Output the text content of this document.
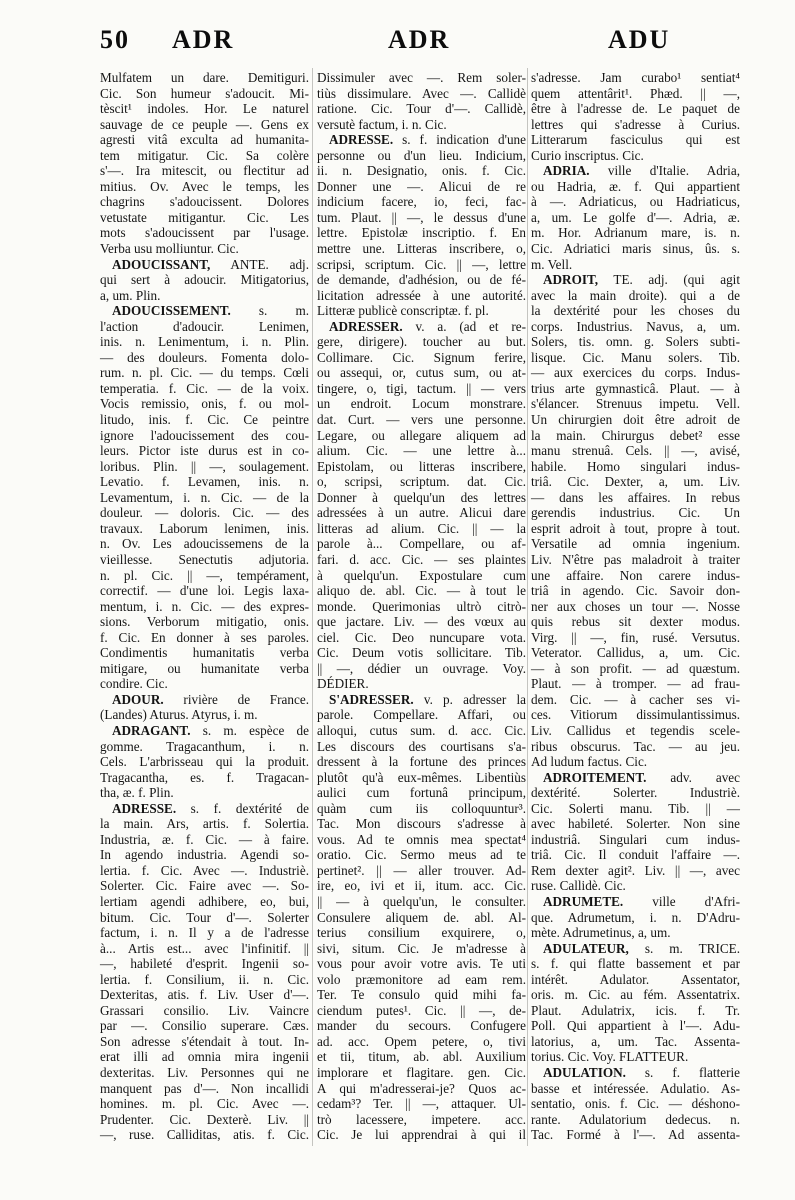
50 ADR	ADR	ADU
Mulfatem un dare. Demitiguri.
Cic. Son humeur s'adoucit. Mi-
tèscit¹ indoles. Hor. Le naturel
sauvage de ce peuple —. Gens ex
agresti vitâ exculta ad humanita-
tem mitigatur. Cic. Sa colère
s'—. Ira mitescit, ou flectitur ad
mitius. Ov. Avec le temps, les
chagrins s'adoucissent. Dolores
vetustate mitigantur. Cic. Les
mots s'adoucissent par l'usage.
Verba usu molliuntur. Cic.
ADOUCISSANT, ANTE. adj.
qui sert à adoucir. Mitigatorius,
a, um. Plin.
ADOUCISSEMENT. s. m.
l'action d'adoucir. Lenimen,
inis. n. Lenimentum, i. n. Plin.
— des douleurs. Fomenta dolo-
rum. n. pl. Cic. — du temps. Cœli
temperatia. f. Cic. — de la voix.
Vocis remissio, onis, f. ou mol-
litudo, inis. f. Cic. Ce peintre
ignore l'adoucissement des cou-
leurs. Pictor iste durus est in co-
loribus. Plin. || —, soulagement.
Levatio. f. Levamen, inis. n.
Levamentum, i. n. Cic. — de la
douleur. — doloris. Cic. — des
travaux. Laborum lenimen, inis.
n. Ov. Les adoucissemens de la
vieillesse. Senectutis adjutoria.
n. pl. Cic. || —, tempérament,
correctif. — d'une loi. Legis laxa-
mentum, i. n. Cic. — des expres-
sions. Verborum mitigatio, onis.
f. Cic. En donner à ses paroles.
Condimentis humanitatis verba
mitigare, ou humanitate verba
condire. Cic.
ADOUR. rivière de France.
(Landes) Aturus. Atyrus, i. m.
ADRAGANT. s. m. espèce de
gomme. Tragacanthum, i. n.
Cels. L'arbrisseau qui la produit.
Tragacantha, es. f. Tragacan-
tha, æ. f. Plin.
ADRESSE. s. f. dextérité de
la main. Ars, artis. f. Solertia.
Industria, æ. f. Cic. — à faire.
In agendo industria. Agendi so-
lertia. f. Cic. Avec —. Industriè.
Solerter. Cic. Faire avec —. So-
lertiam agendi adhibere, eo, bui,
bitum. Cic. Tour d'—. Solerter
factum, i. n. Il y a de l'adresse
à... Artis est... avec l'infinitif. ||
—, habileté d'esprit. Ingenii so-
lertia. f. Consilium, ii. n. Cic.
Dexteritas, atis. f. Liv. User d'—.
Grassari consilio. Liv. Vaincre
par —. Consilio superare. Cæs.
Son adresse s'étendait à tout. In-
erat illi ad omnia mira ingenii
dexteritas. Liv. Personnes qui ne
manquent pas d'—. Non incallidi
homines. m. pl. Cic. Avec —.
Prudenter. Cic. Dexterè. Liv. ||
—, ruse. Calliditas, atis. f. Cic.
Dissimuler avec —. Rem soler-
tiùs dissimulare. Avec —. Callidè
ratione. Cic. Tour d'—. Callidè,
versutè factum, i. n. Cic.
ADRESSE. s. f. indication d'une
personne ou d'un lieu. Indicium,
ii. n. Designatio, onis. f. Cic.
Donner une —. Alicui de re
indicium facere, io, feci, fac-
tum. Plaut. || —, le dessus d'une
lettre. Epistolæ inscriptio. f. En
mettre une. Litteras inscribere, o,
scripsi, scriptum. Cic. || —, lettre
de demande, d'adhésion, ou de fé-
licitation adressée à une autorité.
Litteræ publicè conscriptæ. f. pl.
ADRESSER. v. a. (ad et re-
gere, dirigere). toucher au but.
Collimare. Cic. Signum ferire,
ou assequi, or, cutus sum, ou at-
tingere, o, tigi, tactum. || — vers
un endroit. Locum monstrare.
dat. Curt. — vers une personne.
Legare, ou allegare aliquem ad
alium. Cic. — une lettre à...
Epistolam, ou litteras inscribere,
o, scripsi, scriptum. dat. Cic.
Donner à quelqu'un des lettres
adressées à un autre. Alicui dare
litteras ad alium. Cic. || — la
parole à... Compellare, ou af-
fari. d. acc. Cic. — ses plaintes
à quelqu'un. Expostulare cum
aliquo de. abl. Cic. — à tout le
monde. Querimonias ultrò citrò-
que jactare. Liv. — des vœux au
ciel. Cic. Deo nuncupare vota.
Cic. Deum votis sollicitare. Tib.
|| —, dédier un ouvrage. Voy.
DÉDIER.
S'ADRESSER. v. p. adresser la
parole. Compellare. Affari, ou
alloqui, cutus sum. d. acc. Cic.
Les discours des courtisans s'a-
dressent à la fortune des princes
plutôt qu'à eux-mêmes. Libentiùs
aulici cum fortunâ principum,
quàm cum iis colloquuntur³.
Tac. Mon discours s'adresse à
vous. Ad te omnis mea spectat⁴
oratio. Cic. Sermo meus ad te
pertinet². || — aller trouver. Ad-
ire, eo, ivi et ii, itum. acc. Cic.
|| — à quelqu'un, le consulter.
Consulere aliquem de. abl. Al-
terius consilium exquirere, o,
sivi, situm. Cic. Je m'adresse à
vous pour avoir votre avis. Te uti
volo præmonitore ad eam rem.
Ter. Te consulo quid mihi fa-
ciendum putes¹. Cic. || —, de-
mander du secours. Confugere
ad. acc. Opem petere, o, tivi
et tii, titum, ab. abl. Auxilium
implorare et flagitare. gen. Cic.
A qui m'adresserai-je? Quos ac-
cedam³? Ter. || —, attaquer. Ul-
trò lacessere, impetere. acc.
Cic. Je lui apprendrai à qui il
s'adresse. Jam curabo¹ sentiat⁴
quem attentârit¹. Phæd. || —,
être à l'adresse de. Le paquet de
lettres qui s'adresse à Curius.
Litterarum fasciculus qui est
Curio inscriptus. Cic.
ADRIA. ville d'Italie. Adria,
ou Hadria, æ. f. Qui appartient
à —. Adriaticus, ou Hadriaticus,
a, um. Le golfe d'—. Adria, æ.
m. Hor. Adrianum mare, is. n.
Cic. Adriatici maris sinus, ûs. s.
m. Vell.
ADROIT, TE. adj. (qui agit
avec la main droite). qui a de
la dextérité pour les choses du
corps. Industrius. Navus, a, um.
Solers, tis. omn. g. Solers subti-
lisque. Cic. Manu solers. Tib.
— aux exercices du corps. Indus-
trius arte gymnasticâ. Plaut. — à
s'élancer. Strenuus impetu. Vell.
Un chirurgien doit être adroit de
la main. Chirurgus debet² esse
manu strenuâ. Cels. || —, avisé,
habile. Homo singulari indus-
triâ. Cic. Dexter, a, um. Liv.
— dans les affaires. In rebus
gerendis industrius. Cic. Un
esprit adroit à tout, propre à tout.
Versatile ad omnia ingenium.
Liv. N'être pas maladroit à traiter
une affaire. Non carere indus-
triâ in agendo. Cic. Savoir don-
ner aux choses un tour —. Nosse
quis rebus sit dexter modus.
Virg. || —, fin, rusé. Versutus.
Veterator. Callidus, a, um. Cic.
— à son profit. — ad quæstum.
Plaut. — à tromper. — ad frau-
dem. Cic. — à cacher ses vi-
ces. Vitiorum dissimulantissimus.
Liv. Callidus et tegendis scele-
ribus obscurus. Tac. — au jeu.
Ad ludum factus. Cic.
ADROITEMENT. adv. avec
dextérité. Solerter. Industriè.
Cic. Solerti manu. Tib. || —
avec habileté. Solerter. Non sine
industriâ. Singulari cum indus-
triâ. Cic. Il conduit l'affaire —.
Rem dexter agit². Liv. || —, avec
ruse. Callidè. Cic.
ADRUMETE. ville d'Afri-
que. Adrumetum, i. n. D'Adru-
mète. Adrumetinus, a, um.
ADULATEUR, s. m. TRICE.
s. f. qui flatte bassement et par
intérêt. Adulator. Assentator,
oris. m. Cic. au fém. Assentatrix.
Plaut. Adulatrix, icis. f. Tr.
Poll. Qui appartient à l'—. Adu-
latorius, a, um. Tac. Assenta-
torius. Cic. Voy. FLATTEUR.
ADULATION. s. f. flatterie
basse et intéressée. Adulatio. As-
sentatio, onis. f. Cic. — déshono-
rante. Adulatorium dedecus. n.
Tac. Formé à l'—. Ad assenta-
